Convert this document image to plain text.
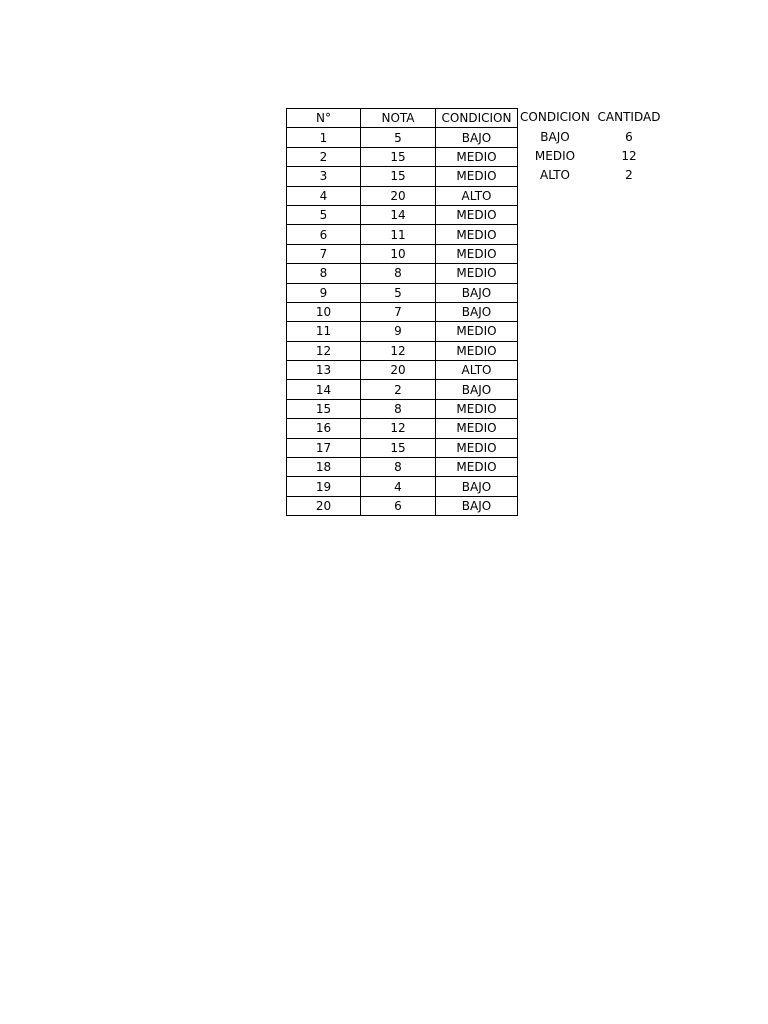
N°	NOTA	CONDICION
1	5	BAJO
2	15	MEDIO
3	15	MEDIO
4	20	ALTO
5	14	MEDIO
6	11	MEDIO
7	10	MEDIO
8	8	MEDIO
9	5	BAJO
10	7	BAJO
11	9	MEDIO
12	12	MEDIO
13	20	ALTO
14	2	BAJO
15	8	MEDIO
16	12	MEDIO
17	15	MEDIO
18	8	MEDIO
19	4	BAJO
20	6	BAJO
CONDICION	CANTIDAD
BAJO	6
MEDIO	12
ALTO	2
